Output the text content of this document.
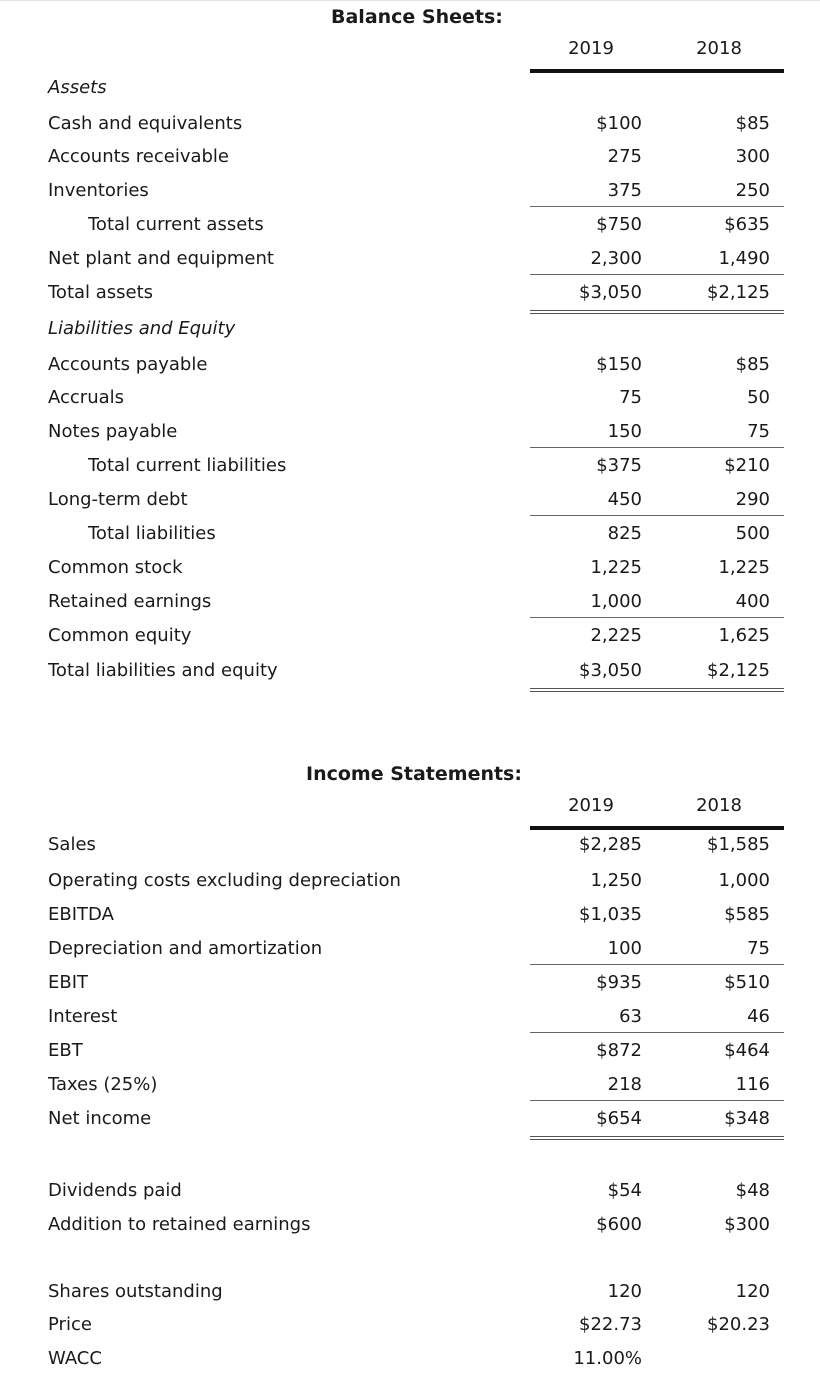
Balance Sheets:
2019	2018
Assets
Cash and equivalents	$100	$85
Accounts receivable	275	300
Inventories	375	250
Total current assets	$750	$635
Net plant and equipment	2,300	1,490
Total assets	$3,050	$2,125
Liabilities and Equity
Accounts payable	$150	$85
Accruals	75	50
Notes payable	150	75
Total current liabilities	$375	$210
Long-term debt	450	290
Total liabilities	825	500
Common stock	1,225	1,225
Retained earnings	1,000	400
Common equity	2,225	1,625
Total liabilities and equity	$3,050	$2,125
Income Statements:
2019	2018
Sales	$2,285	$1,585
Operating costs excluding depreciation	1,250	1,000
EBITDA	$1,035	$585
Depreciation and amortization	100	75
EBIT	$935	$510
Interest	63	46
EBT	$872	$464
Taxes (25%)	218	116
Net income	$654	$348
Dividends paid	$54	$48
Addition to retained earnings	$600	$300
Shares outstanding	120	120
Price	$22.73	$20.23
WACC	11.00%
